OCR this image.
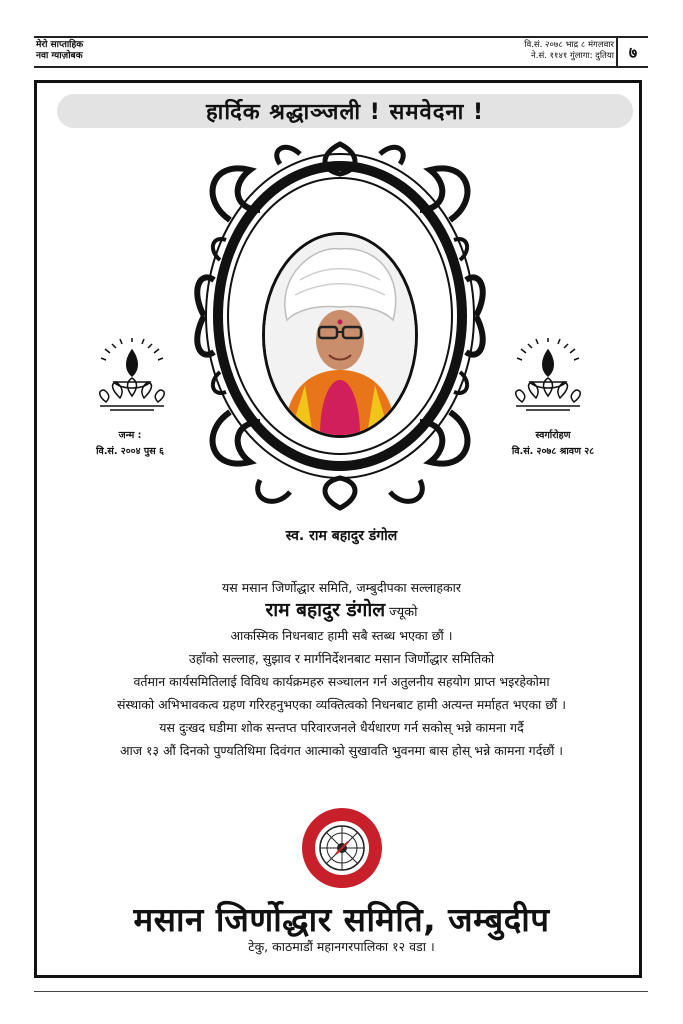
मेरो साप्ताहिक
नवा ग्याज़ोबक
वि.सं. २०७८ भाद्र ८ मंगलवार
ने.सं. ११४१ गुंलागा: दुतिया ७
हार्दिक श्रद्धाञ्जली ! समवेदना !
जन्म :
वि.सं. २००४ पुस ६
स्वर्गारोहण
वि.सं. २०७८ श्रावण २८
स्व. राम बहादुर डंगोल
यस मसान जिर्णोद्धार समिति, जम्बुदीपका सल्लाहकार
राम बहादुर डंगोल ज्यूको
आकस्मिक निधनबाट हामी सबै स्तब्ध भएका छौं ।
उहाँको सल्लाह, सुझाव र मार्गनिर्देशनबाट मसान जिर्णोद्धार समितिको
वर्तमान कार्यसमितिलाई विविध कार्यक्रमहरु सञ्चालन गर्न अतुलनीय सहयोग प्राप्त भइरहेकोमा
संस्थाको अभिभावकत्व ग्रहण गरिरहनुभएका व्यक्तित्वको निधनबाट हामी अत्यन्त मर्माहत भएका छौं ।
यस दुःखद घडीमा शोक सन्तप्त परिवारजनले धैर्यधारण गर्न सकोस् भन्ने कामना गर्दै
आज १३ औं दिनको पुण्यतिथिमा दिवंगत आत्माको सुखावति भुवनमा बास होस् भन्ने कामना गर्दछौं ।
मसान जिर्णोद्धार समिति, जम्बुदीप
टेकु, काठमाडौं महानगरपालिका १२ वडा ।
